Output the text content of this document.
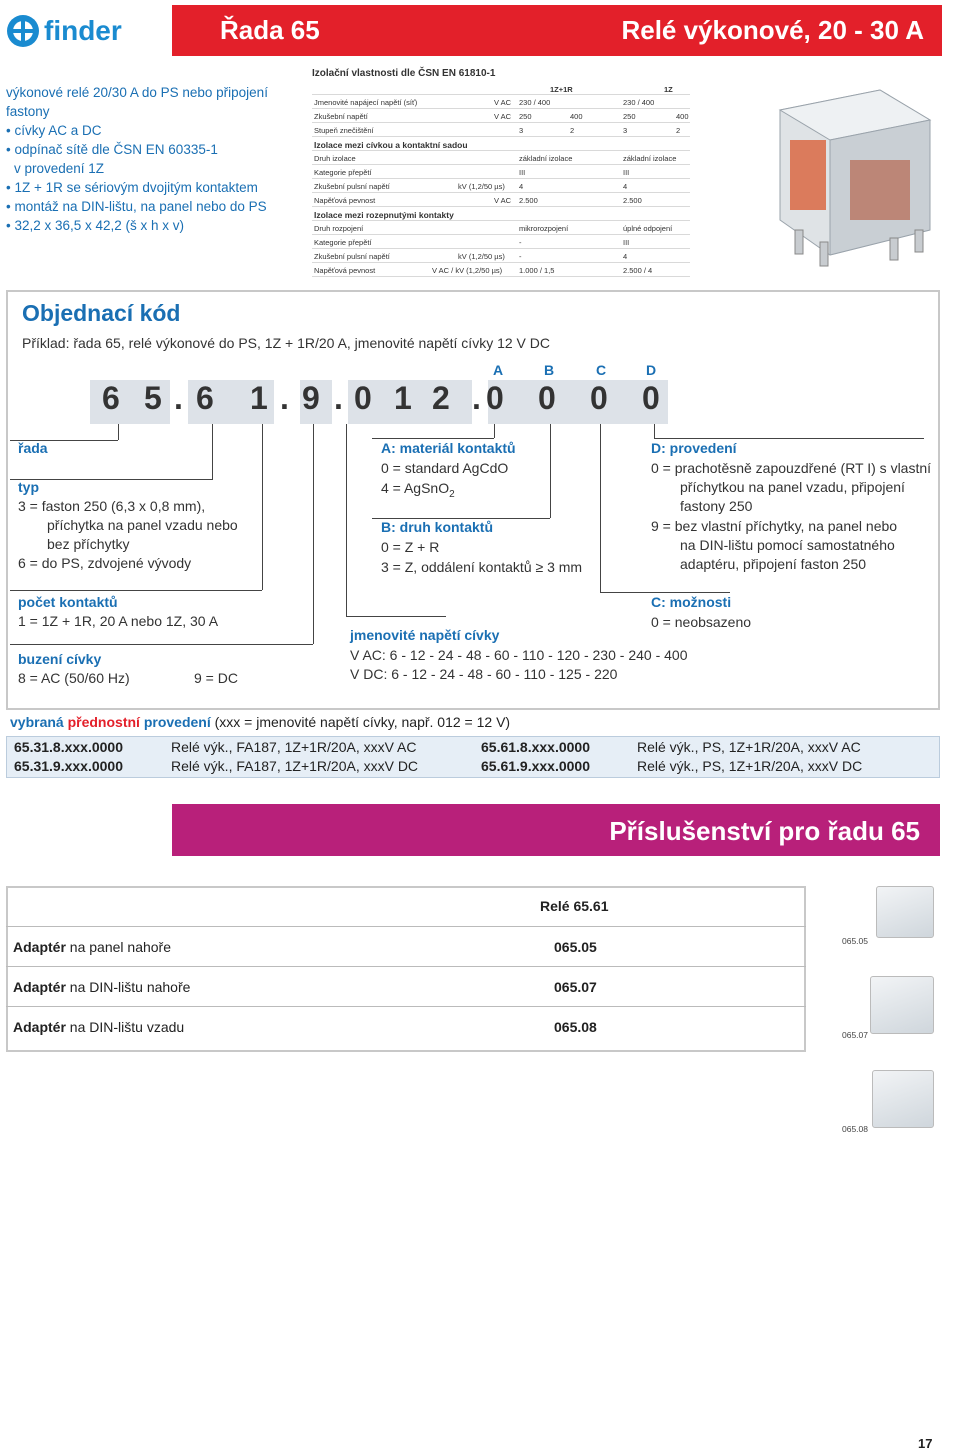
finder	Řada 65	Relé výkonové, 20 - 30 A
výkonové relé 20/30 A do PS nebo připojení
fastony
• cívky AC a DC
• odpínač sítě dle ČSN EN 60335-1
v provedení 1Z
• 1Z + 1R se sériovým dvojitým kontaktem
• montáž na DIN-lištu, na panel nebo do PS
• 32,2 x 36,5 x 42,2 (š x h x v)
Izolační vlastnosti dle ČSN EN 61810-1
1Z+1R	1Z
Jmenovité napájecí napětí (síť)	V AC 230 / 400	230 / 400
Zkušební napětí	V AC 250	400	250	400
Stupeň znečištění	3	2	3	2
Izolace mezi cívkou a kontaktní sadou
Druh izolace	základní izolace	základní izolace
Kategorie přepětí	III	III
Zkušební pulsní napětí	kV (1,2/50 µs) 4	4
Napěťová pevnost	V AC 2.500	2.500
Izolace mezi rozepnutými kontakty
Druh rozpojení	mikrorozpojení	úplné odpojení
Kategorie přepětí	-	III
Zkušební pulsní napětí	kV (1,2/50 µs) -	4
Napěťová pevnost	V AC / kV (1,2/50 µs) 1.000 / 1,5	2.500 / 4
Objednací kód
Příklad: řada 65, relé výkonové do PS, 1Z + 1R/20 A, jmenovité napětí cívky 12 V DC
A	B	C	D
6 5 . 6 1 . 9 . 0 1 2 . 0 0 0 0
řada
typ
3 = faston 250 (6,3 x 0,8 mm),
příchytka na panel vzadu nebo
bez příchytky
6 = do PS, zdvojené vývody
počet kontaktů
1 = 1Z + 1R, 20 A nebo 1Z, 30 A
buzení cívky
8 = AC (50/60 Hz)	9 = DC
A: materiál kontaktů
0 = standard AgCdO
4 = AgSnO$_2$
B: druh kontaktů
0 = Z + R
3 = Z, oddálení kontaktů ≥ 3 mm
D: provedení
0 = prachotěsně zapouzdřené (RT I) s vlastní
příchytkou na panel vzadu, připojení
fastony 250
9 = bez vlastní příchytky, na panel nebo
na DIN-lištu pomocí samostatného
adaptéru, připojení faston 250
C: možnosti
0 = neobsazeno
jmenovité napětí cívky
V AC: 6 - 12 - 24 - 48 - 60 - 110 - 120 - 230 - 240 - 400
V DC: 6 - 12 - 24 - 48 - 60 - 110 - 125 - 220
vybraná přednostní provedení (xxx = jmenovité napětí cívky, např. 012 = 12 V)
65.31.8.xxx.0000	Relé výk., FA187, 1Z+1R/20A, xxxV AC
65.31.9.xxx.0000	Relé výk., FA187, 1Z+1R/20A, xxxV DC
65.61.8.xxx.0000	Relé výk., PS, 1Z+1R/20A, xxxV AC
65.61.9.xxx.0000	Relé výk., PS, 1Z+1R/20A, xxxV DC
Příslušenství pro řadu 65
Relé 65.61
Adaptér na panel nahoře	065.05
Adaptér na DIN-lištu nahoře	065.07
Adaptér na DIN-lištu vzadu	065.08
065.05
065.07
065.08
17
